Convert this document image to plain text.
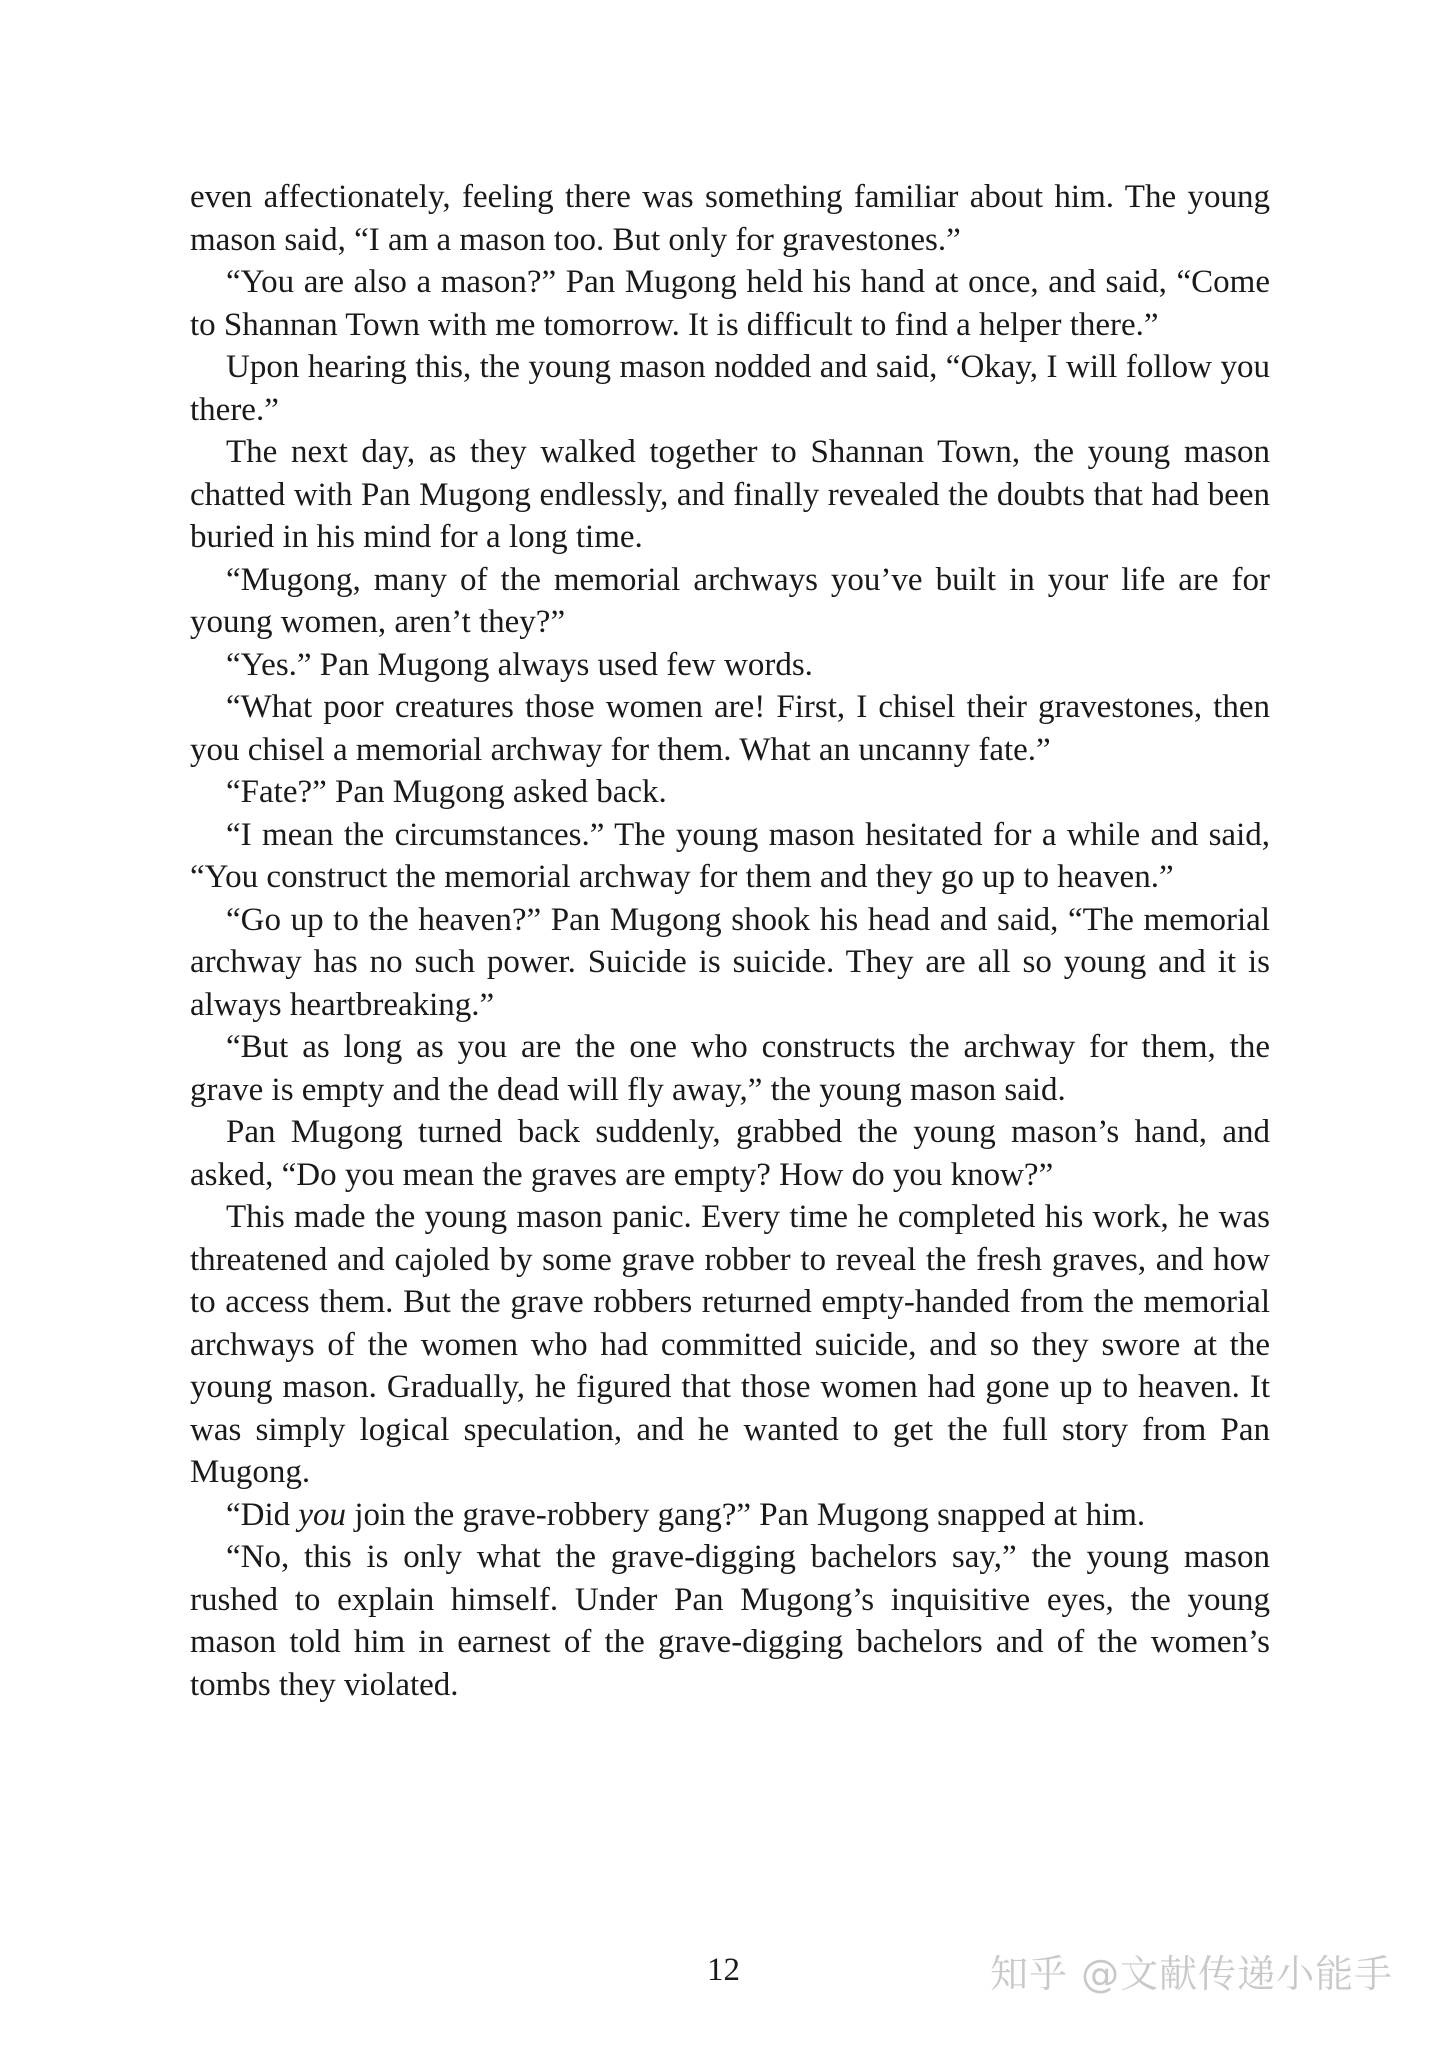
even affectionately, feeling there was something familiar about him. The young mason said, “I am a mason too. But only for gravestones.”

“You are also a mason?” Pan Mugong held his hand at once, and said, “Come to Shannan Town with me tomorrow. It is difficult to find a helper there.”

Upon hearing this, the young mason nodded and said, “Okay, I will follow you there.”

The next day, as they walked together to Shannan Town, the young mason chatted with Pan Mugong endlessly, and finally revealed the doubts that had been buried in his mind for a long time.

“Mugong, many of the memorial archways you’ve built in your life are for young women, aren’t they?”

“Yes.” Pan Mugong always used few words.

“What poor creatures those women are! First, I chisel their gravestones, then you chisel a memorial archway for them. What an uncanny fate.”

“Fate?” Pan Mugong asked back.

“I mean the circumstances.” The young mason hesitated for a while and said, “You construct the memorial archway for them and they go up to heaven.”

“Go up to the heaven?” Pan Mugong shook his head and said, “The memorial archway has no such power. Suicide is suicide. They are all so young and it is always heartbreaking.”

“But as long as you are the one who constructs the archway for them, the grave is empty and the dead will fly away,” the young mason said.

Pan Mugong turned back suddenly, grabbed the young mason’s hand, and asked, “Do you mean the graves are empty? How do you know?”

This made the young mason panic. Every time he completed his work, he was threatened and cajoled by some grave robber to reveal the fresh graves, and how to access them. But the grave robbers returned empty-handed from the memorial archways of the women who had committed suicide, and so they swore at the young mason. Gradually, he figured that those women had gone up to heaven. It was simply logical speculation, and he wanted to get the full story from Pan Mugong.

“Did you join the grave-robbery gang?” Pan Mugong snapped at him.

“No, this is only what the grave-digging bachelors say,” the young mason rushed to explain himself. Under Pan Mugong’s inquisitive eyes, the young mason told him in earnest of the grave-digging bachelors and of the women’s tombs they violated.

12	知乎 @文献传递小能手
